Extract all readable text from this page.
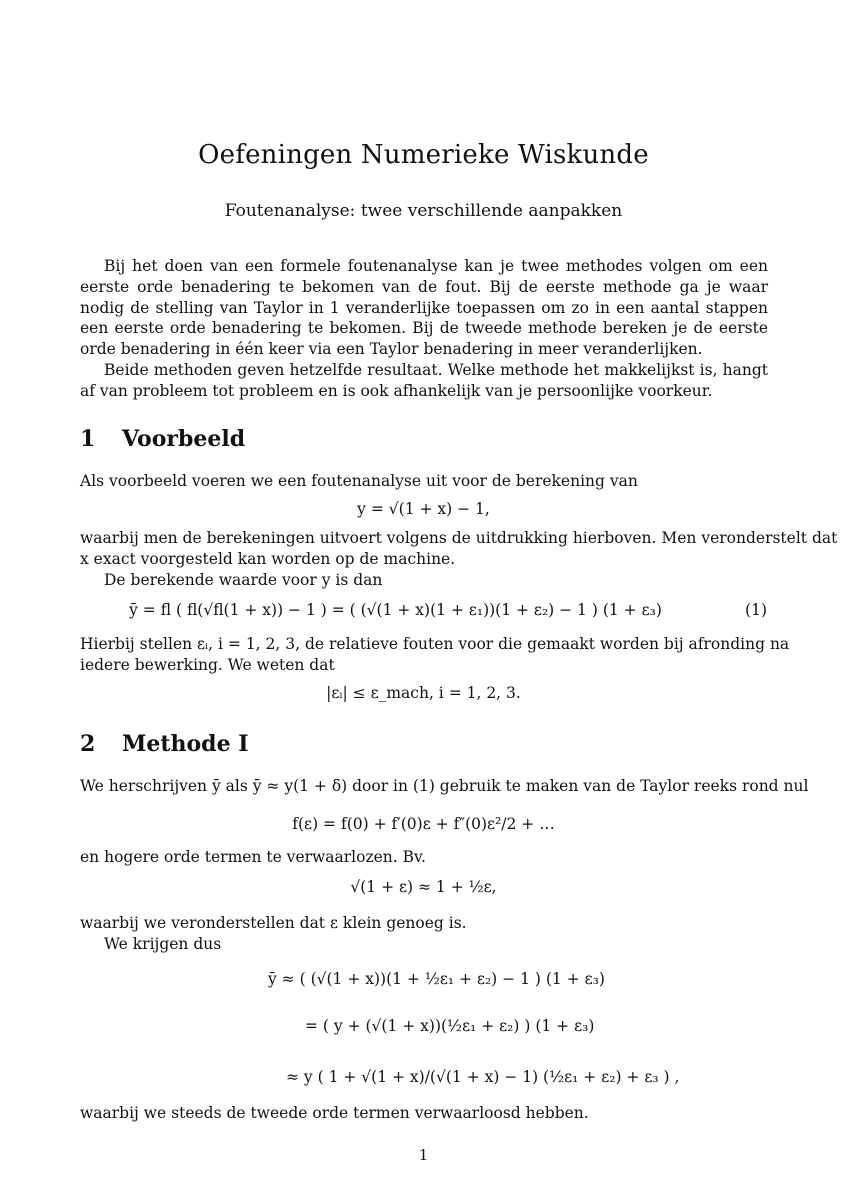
Oefeningen Numerieke Wiskunde
Foutenanalyse: twee verschillende aanpakken
Bij het doen van een formele foutenanalyse kan je twee methodes volgen om een eerste orde benadering te bekomen van de fout. Bij de eerste methode ga je waar nodig de stelling van Taylor in 1 veranderlijke toepassen om zo in een aantal stappen een eerste orde benadering te bekomen. Bij de tweede methode bereken je de eerste orde benadering in één keer via een Taylor benadering in meer veranderlijken.
Beide methoden geven hetzelfde resultaat. Welke methode het makkelijkst is, hangt af van probleem tot probleem en is ook afhankelijk van je persoonlijke voorkeur.
1 Voorbeeld
Als voorbeeld voeren we een foutenanalyse uit voor de berekening van
y = √(1 + x) − 1,
waarbij men de berekeningen uitvoert volgens de uitdrukking hierboven. Men veronderstelt dat
x exact voorgesteld kan worden op de machine.
De berekende waarde voor y is dan
ȳ = fl ( fl(√fl(1 + x)) − 1 ) = ( (√(1 + x)(1 + ε₁))(1 + ε₂) − 1 ) (1 + ε₃)	(1)
Hierbij stellen εᵢ, i = 1, 2, 3, de relatieve fouten voor die gemaakt worden bij afronding na
iedere bewerking. We weten dat
|εᵢ| ≤ ε_mach, i = 1, 2, 3.
2 Methode I
We herschrijven ȳ als ȳ ≈ y(1 + δ) door in (1) gebruik te maken van de Taylor reeks rond nul
f(ε) = f(0) + f′(0)ε + f″(0)ε²/2 + …
en hogere orde termen te verwaarlozen. Bv.
√(1 + ε) ≈ 1 + ½ε,
waarbij we veronderstellen dat ε klein genoeg is.
We krijgen dus
ȳ ≈ ( (√(1 + x))(1 + ½ε₁ + ε₂) − 1 ) (1 + ε₃)
= ( y + (√(1 + x))(½ε₁ + ε₂) ) (1 + ε₃)
≈ y ( 1 + √(1 + x)/(√(1 + x) − 1) (½ε₁ + ε₂) + ε₃ ) ,
waarbij we steeds de tweede orde termen verwaarloosd hebben.
1
